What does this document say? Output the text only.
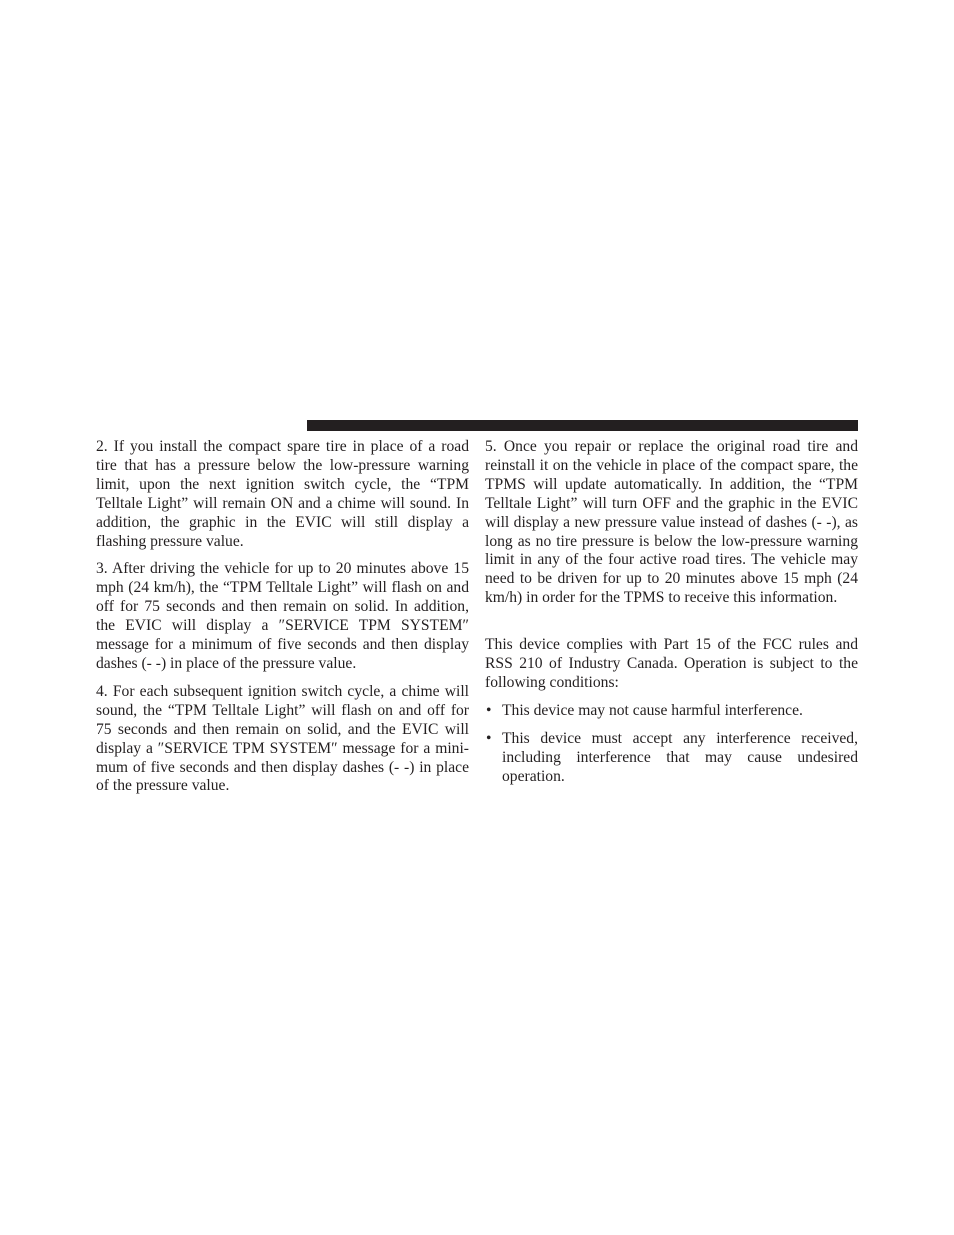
2. If you install the compact spare tire in place of a road tire that has a pressure below the low-pressure warning limit, upon the next ignition switch cycle, the “TPM Telltale Light” will remain ON and a chime will sound. In addition, the graphic in the EVIC will still display a flashing pressure value.

3. After driving the vehicle for up to 20 minutes above 15 mph (24 km/h), the “TPM Telltale Light” will flash on and off for 75 seconds and then remain on solid. In addition, the EVIC will display a ″SERVICE TPM SYSTEM″ message for a minimum of five seconds and then display dashes (- -) in place of the pressure value.

4. For each subsequent ignition switch cycle, a chime will sound, the “TPM Telltale Light” will flash on and off for 75 seconds and then remain on solid, and the EVIC will display a ″SERVICE TPM SYSTEM″ message for a minimum of five seconds and then display dashes (- -) in place of the pressure value.

5. Once you repair or replace the original road tire and reinstall it on the vehicle in place of the compact spare, the TPMS will update automatically. In addition, the “TPM Telltale Light” will turn OFF and the graphic in the EVIC will display a new pressure value instead of dashes (- -), as long as no tire pressure is below the low-pressure warning limit in any of the four active road tires. The vehicle may need to be driven for up to 20 minutes above 15 mph (24 km/h) in order for the TPMS to receive this information.

This device complies with Part 15 of the FCC rules and RSS 210 of Industry Canada. Operation is subject to the following conditions:

• This device may not cause harmful interference.
• This device must accept any interference received, including interference that may cause undesired operation.
